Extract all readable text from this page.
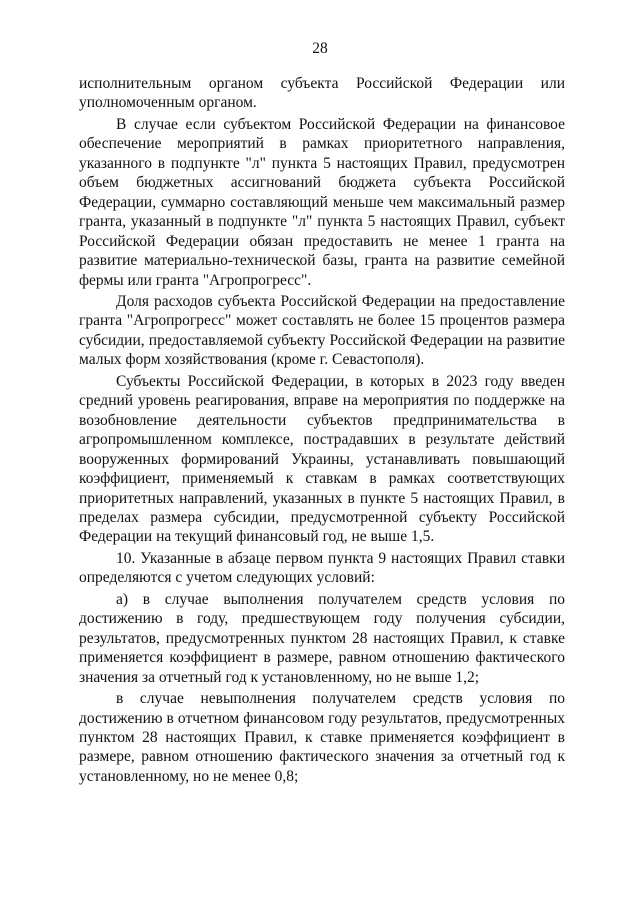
28

исполнительным органом субъекта Российской Федерации или уполномоченным органом.

В случае если субъектом Российской Федерации на финансовое обеспечение мероприятий в рамках приоритетного направления, указанного в подпункте "л" пункта 5 настоящих Правил, предусмотрен объем бюджетных ассигнований бюджета субъекта Российской Федерации, суммарно составляющий меньше чем максимальный размер гранта, указанный в подпункте "л" пункта 5 настоящих Правил, субъект Российской Федерации обязан предоставить не менее 1 гранта на развитие материально-технической базы, гранта на развитие семейной фермы или гранта "Агропрогресс".

Доля расходов субъекта Российской Федерации на предоставление гранта "Агропрогресс" может составлять не более 15 процентов размера субсидии, предоставляемой субъекту Российской Федерации на развитие малых форм хозяйствования (кроме г. Севастополя).

Субъекты Российской Федерации, в которых в 2023 году введен средний уровень реагирования, вправе на мероприятия по поддержке на возобновление деятельности субъектов предпринимательства в агропромышленном комплексе, пострадавших в результате действий вооруженных формирований Украины, устанавливать повышающий коэффициент, применяемый к ставкам в рамках соответствующих приоритетных направлений, указанных в пункте 5 настоящих Правил, в пределах размера субсидии, предусмотренной субъекту Российской Федерации на текущий финансовый год, не выше 1,5.

10. Указанные в абзаце первом пункта 9 настоящих Правил ставки определяются с учетом следующих условий:

а) в случае выполнения получателем средств условия по достижению в году, предшествующем году получения субсидии, результатов, предусмотренных пунктом 28 настоящих Правил, к ставке применяется коэффициент в размере, равном отношению фактического значения за отчетный год к установленному, но не выше 1,2;

в случае невыполнения получателем средств условия по достижению в отчетном финансовом году результатов, предусмотренных пунктом 28 настоящих Правил, к ставке применяется коэффициент в размере, равном отношению фактического значения за отчетный год к установленному, но не менее 0,8;
